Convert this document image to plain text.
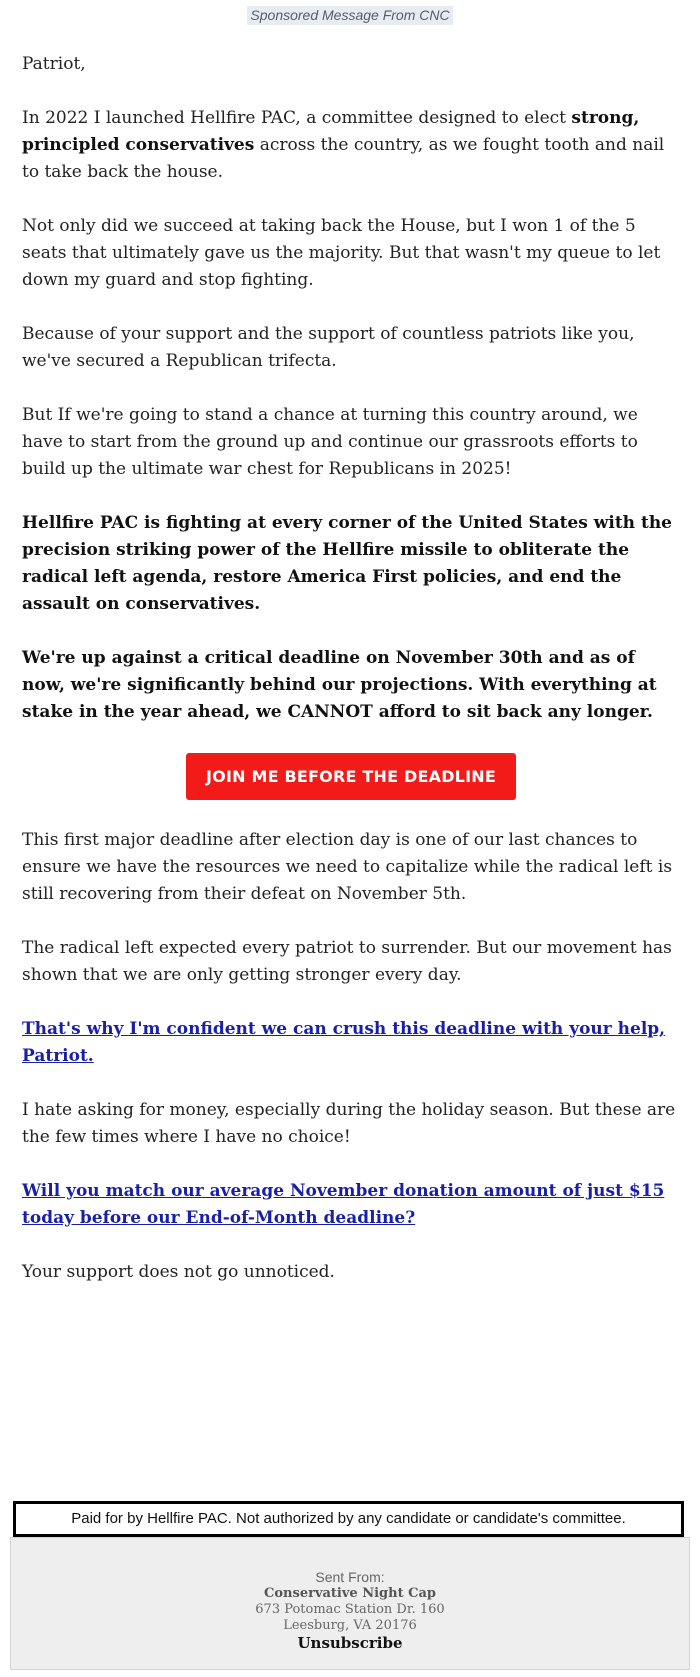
Sponsored Message From CNC

Patriot,

In 2022 I launched Hellfire PAC, a committee designed to elect strong, principled conservatives across the country, as we fought tooth and nail to take back the house.

Not only did we succeed at taking back the House, but I won 1 of the 5 seats that ultimately gave us the majority. But that wasn't my queue to let down my guard and stop fighting.

Because of your support and the support of countless patriots like you, we've secured a Republican trifecta.

But If we're going to stand a chance at turning this country around, we have to start from the ground up and continue our grassroots efforts to build up the ultimate war chest for Republicans in 2025!

Hellfire PAC is fighting at every corner of the United States with the precision striking power of the Hellfire missile to obliterate the radical left agenda, restore America First policies, and end the assault on conservatives.

We're up against a critical deadline on November 30th and as of now, we're significantly behind our projections. With everything at stake in the year ahead, we CANNOT afford to sit back any longer.

JOIN ME BEFORE THE DEADLINE

This first major deadline after election day is one of our last chances to ensure we have the resources we need to capitalize while the radical left is still recovering from their defeat on November 5th.

The radical left expected every patriot to surrender. But our movement has shown that we are only getting stronger every day.

That's why I'm confident we can crush this deadline with your help, Patriot.

I hate asking for money, especially during the holiday season. But these are the few times where I have no choice!

Will you match our average November donation amount of just $15 today before our End-of-Month deadline?

Your support does not go unnoticed.

Paid for by Hellfire PAC. Not authorized by any candidate or candidate's committee.
Sent From:
Conservative Night Cap
673 Potomac Station Dr. 160
Leesburg, VA 20176
Unsubscribe
